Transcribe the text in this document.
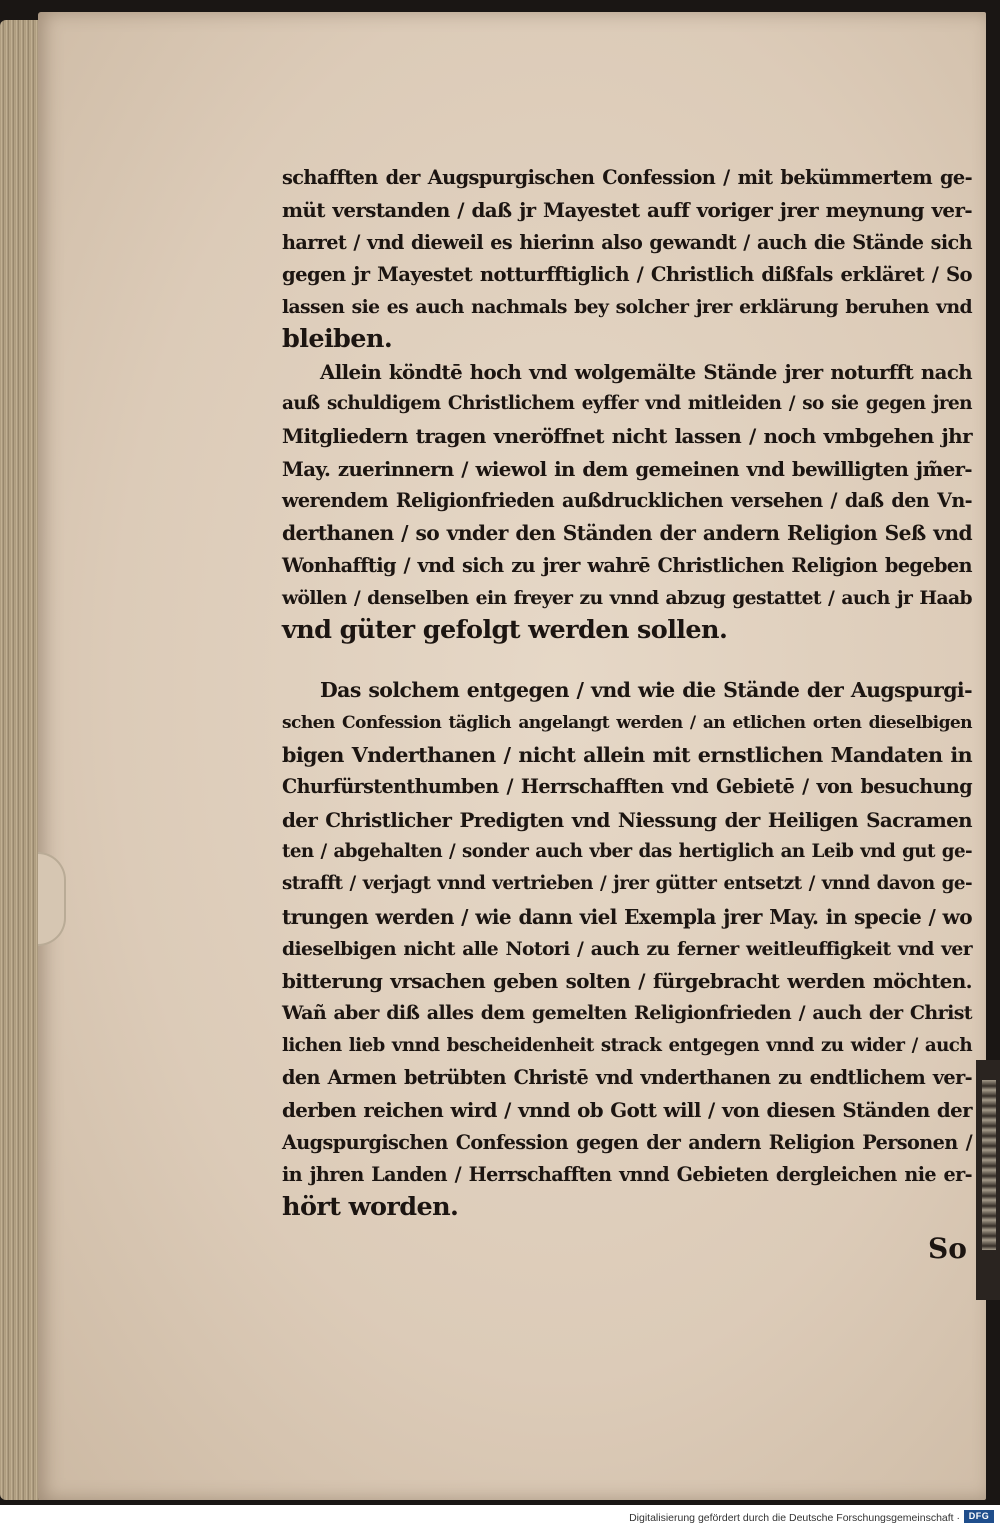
schafften der Augspurgischen Confession / mit bekümmertem ge-
müt verstanden / daß jr Mayestet auff voriger jrer meynung ver-
harret / vnd dieweil es hierinn also gewandt / auch die Stände sich
gegen jr Mayestet notturfftiglich / Christlich dißfals erkläret / So
lassen sie es auch nachmals bey solcher jrer erklärung beruhen vnd
bleiben.
Allein köndtē hoch vnd wolgemälte Stände jrer noturfft nach
auß schuldigem Christlichem eyffer vnd mitleiden / so sie gegen jren
Mitgliedern tragen vneröffnet nicht lassen / noch vmbgehen jhr
May. zuerinnern / wiewol in dem gemeinen vnd bewilligten jm̃er-
werendem Religionfrieden außdrucklichen versehen / daß den Vn-
derthanen / so vnder den Ständen der andern Religion Seß vnd
Wonhafftig / vnd sich zu jrer wahrē Christlichen Religion begeben
wöllen / denselben ein freyer zu vnnd abzug gestattet / auch jr Haab
vnd güter gefolgt werden sollen.
Das solchem entgegen / vnd wie die Stände der Augspurgi-
schen Confession täglich angelangt werden / an etlichen orten dieselbigen
bigen Vnderthanen / nicht allein mit ernstlichen Mandaten in
Churfürstenthumben / Herrschafften vnd Gebietē / von besuchung
der Christlicher Predigten vnd Niessung der Heiligen Sacramen
ten / abgehalten / sonder auch vber das hertiglich an Leib vnd gut ge-
strafft / verjagt vnnd vertrieben / jrer gütter entsetzt / vnnd davon ge-
trungen werden / wie dann viel Exempla jrer May. in specie / wo
dieselbigen nicht alle Notori / auch zu ferner weitleuffigkeit vnd ver
bitterung vrsachen geben solten / fürgebracht werden möchten.
Wañ aber diß alles dem gemelten Religionfrieden / auch der Christ
lichen lieb vnnd bescheidenheit strack entgegen vnnd zu wider / auch
den Armen betrübten Christē vnd vnderthanen zu endtlichem ver-
derben reichen wird / vnnd ob Gott will / von diesen Ständen der
Augspurgischen Confession gegen der andern Religion Personen /
in jhren Landen / Herrschafften vnnd Gebieten dergleichen nie er-
hört worden.
So
Digitalisierung gefördert durch die Deutsche Forschungsgemeinschaft · DFG
